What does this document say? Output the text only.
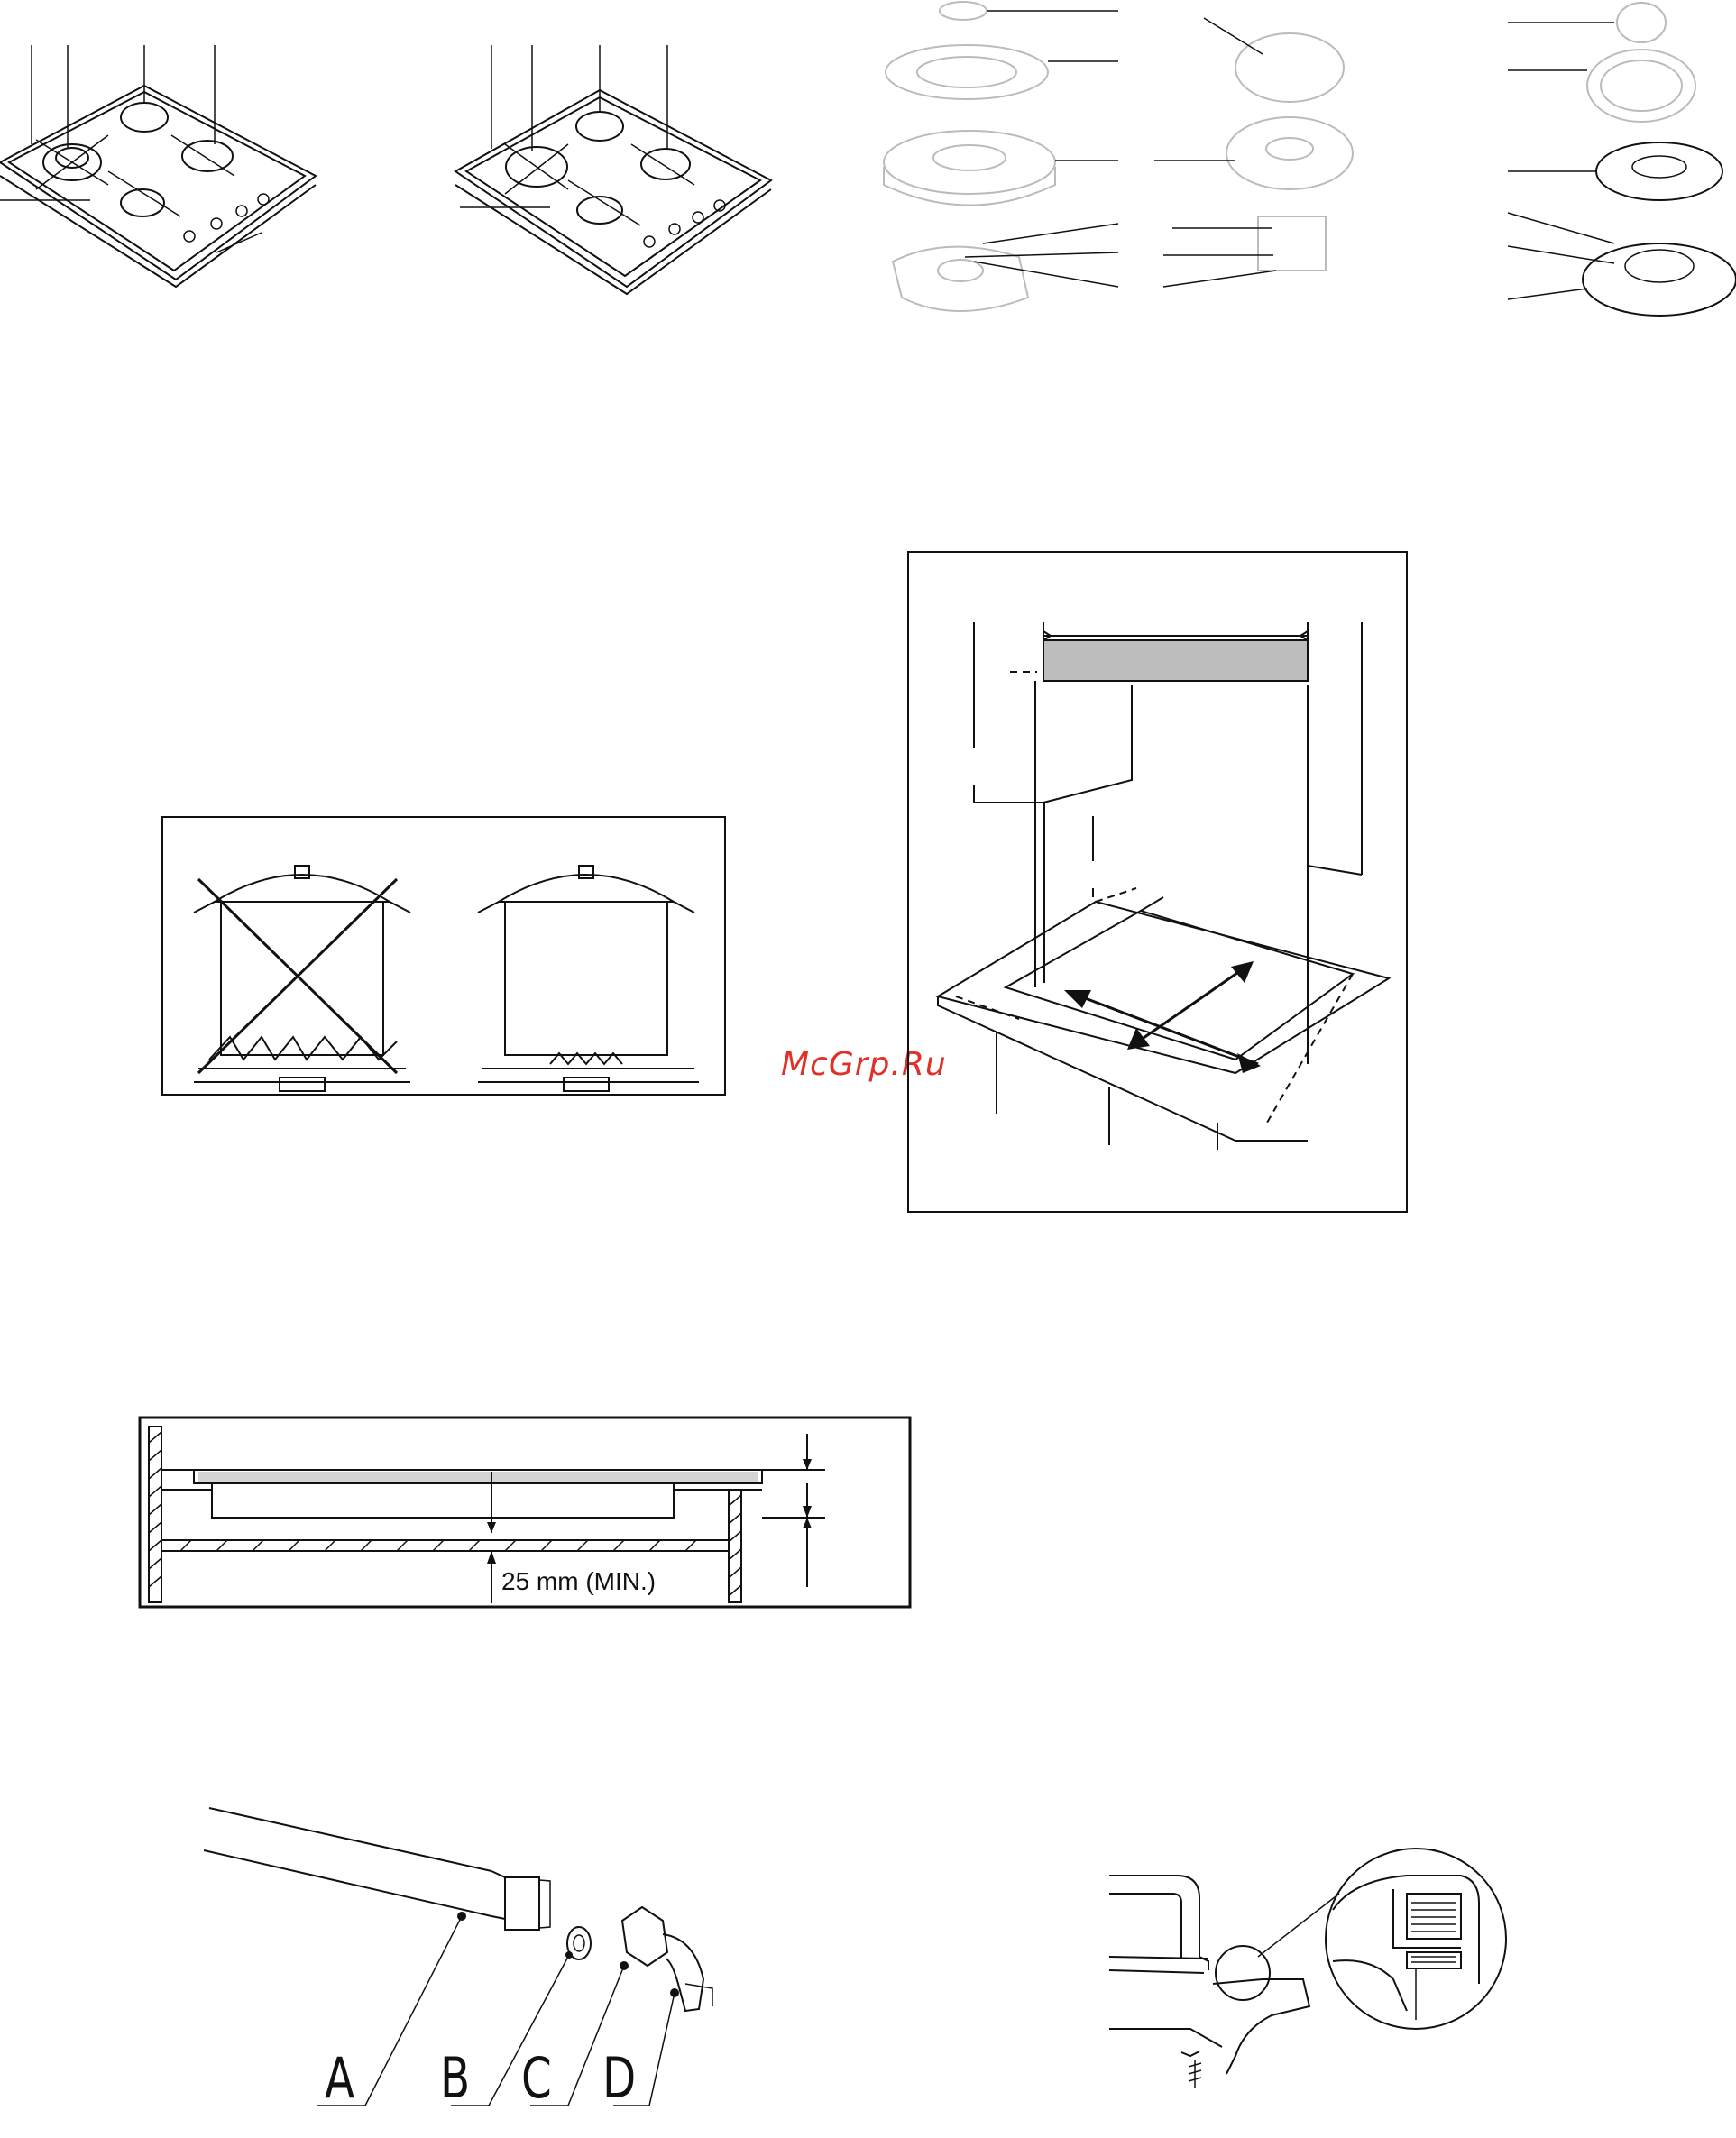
McGrp.Ru
25 mm (MIN.)
A B C D
